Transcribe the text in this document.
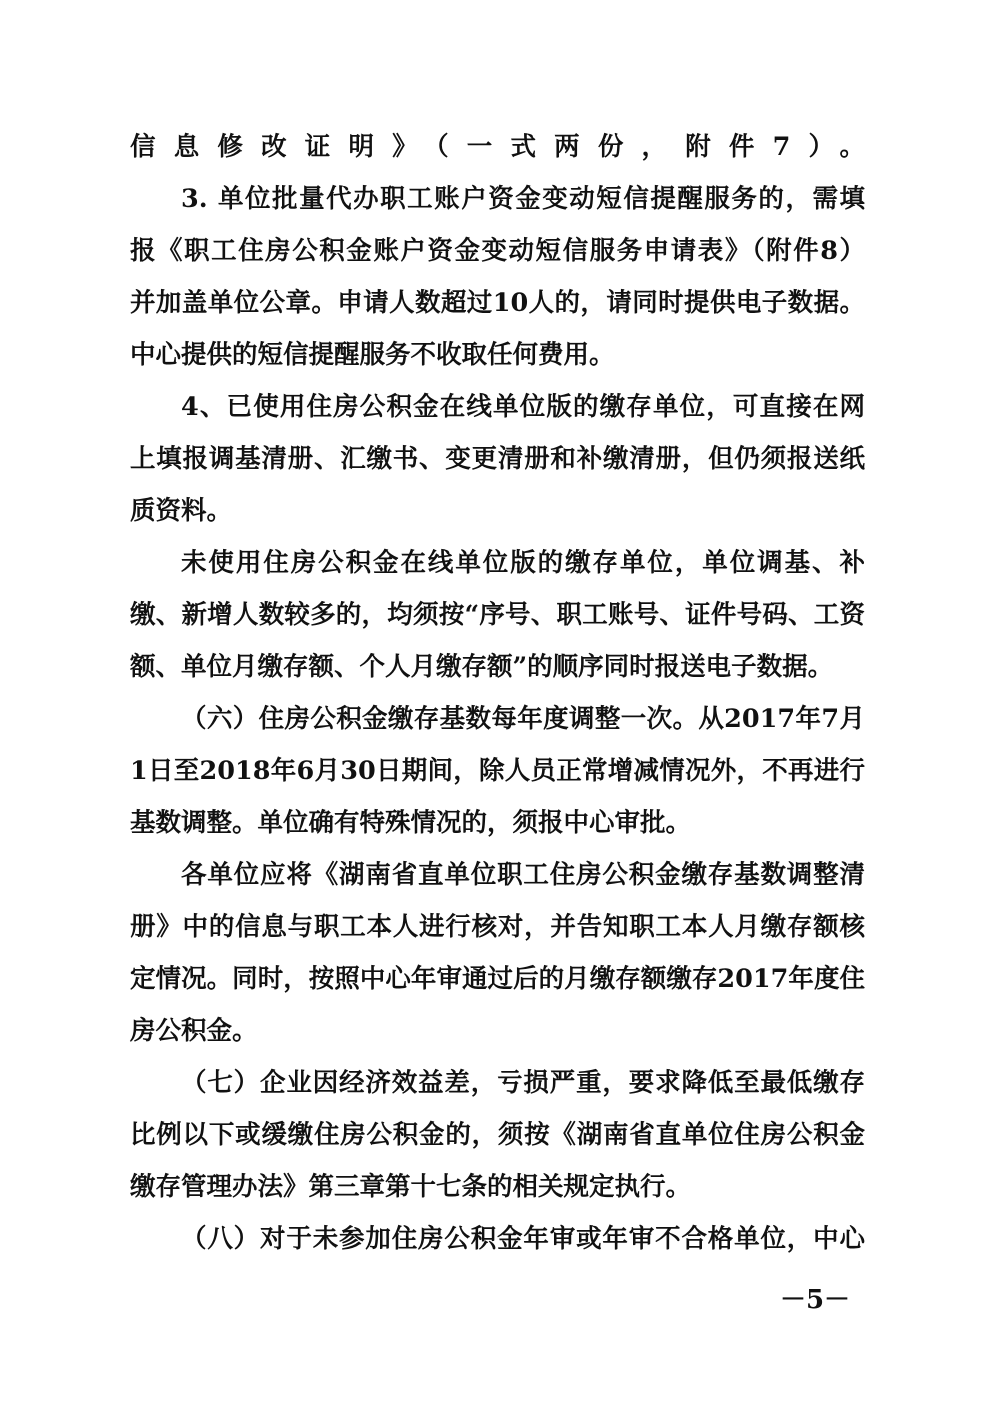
信息修改证明》（一式两份，附件7）。
3. 单位批量代办职工账户资金变动短信提醒服务的，需填
报《职工住房公积金账户资金变动短信服务申请表》（附件8）
并加盖单位公章。申请人数超过10人的，请同时提供电子数据。
中心提供的短信提醒服务不收取任何费用。
4、已使用住房公积金在线单位版的缴存单位，可直接在网
上填报调基清册、汇缴书、变更清册和补缴清册，但仍须报送纸
质资料。
未使用住房公积金在线单位版的缴存单位，单位调基、补
缴、新增人数较多的，均须按“序号、职工账号、证件号码、工资
额、单位月缴存额、个人月缴存额”的顺序同时报送电子数据。
（六）住房公积金缴存基数每年度调整一次。从2017年7月
1日至2018年6月30日期间，除人员正常增减情况外，不再进行
基数调整。单位确有特殊情况的，须报中心审批。
各单位应将《湖南省直单位职工住房公积金缴存基数调整清
册》中的信息与职工本人进行核对，并告知职工本人月缴存额核
定情况。同时，按照中心年审通过后的月缴存额缴存2017年度住
房公积金。
（七）企业因经济效益差，亏损严重，要求降低至最低缴存
比例以下或缓缴住房公积金的，须按《湖南省直单位住房公积金
缴存管理办法》第三章第十七条的相关规定执行。
（八）对于未参加住房公积金年审或年审不合格单位，中心
－5－
